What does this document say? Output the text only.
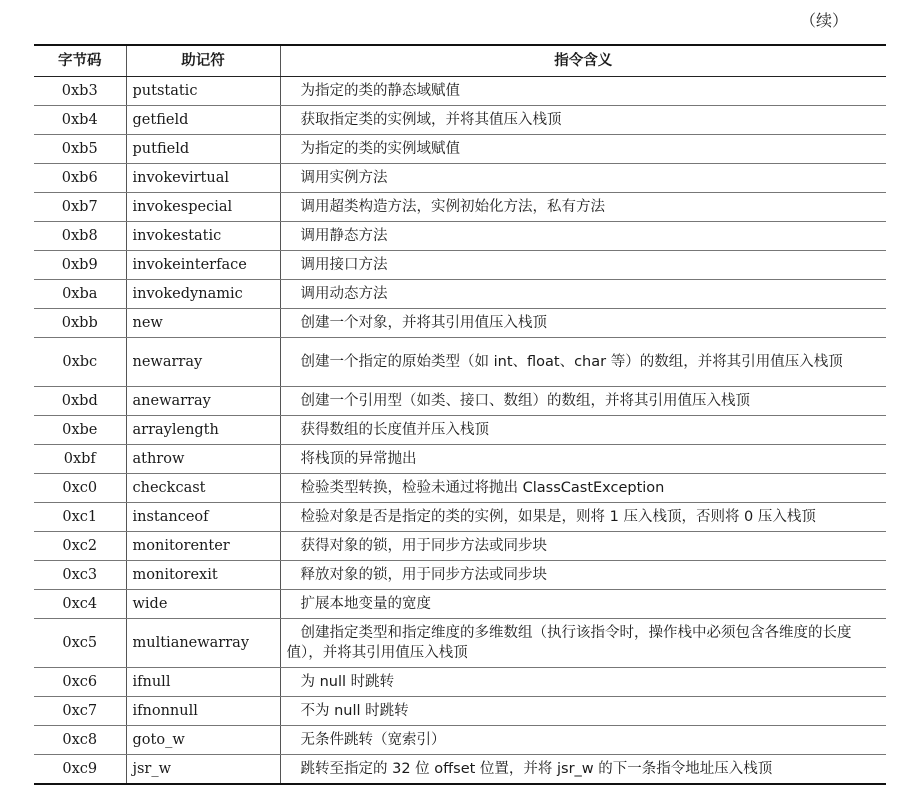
（续）
字节码	助记符	指令含义
0xb3	putstatic	为指定的类的静态域赋值
0xb4	getfield	获取指定类的实例域，并将其值压入栈顶
0xb5	putfield	为指定的类的实例域赋值
0xb6	invokevirtual	调用实例方法
0xb7	invokespecial	调用超类构造方法，实例初始化方法，私有方法
0xb8	invokestatic	调用静态方法
0xb9	invokeinterface	调用接口方法
0xba	invokedynamic	调用动态方法
0xbb	new	创建一个对象，并将其引用值压入栈顶
0xbc	newarray	创建一个指定的原始类型（如 int、float、char 等）的数组，并将其引用值压入栈顶
0xbd	anewarray	创建一个引用型（如类、接口、数组）的数组，并将其引用值压入栈顶
0xbe	arraylength	获得数组的长度值并压入栈顶
0xbf	athrow	将栈顶的异常抛出
0xc0	checkcast	检验类型转换，检验未通过将抛出 ClassCastException
0xc1	instanceof	检验对象是否是指定的类的实例，如果是，则将 1 压入栈顶，否则将 0 压入栈顶
0xc2	monitorenter	获得对象的锁，用于同步方法或同步块
0xc3	monitorexit	释放对象的锁，用于同步方法或同步块
0xc4	wide	扩展本地变量的宽度
0xc5	multianewarray	创建指定类型和指定维度的多维数组（执行该指令时，操作栈中必须包含各维度的长度值），并将其引用值压入栈顶
0xc6	ifnull	为 null 时跳转
0xc7	ifnonnull	不为 null 时跳转
0xc8	goto_w	无条件跳转（宽索引）
0xc9	jsr_w	跳转至指定的 32 位 offset 位置，并将 jsr_w 的下一条指令地址压入栈顶
